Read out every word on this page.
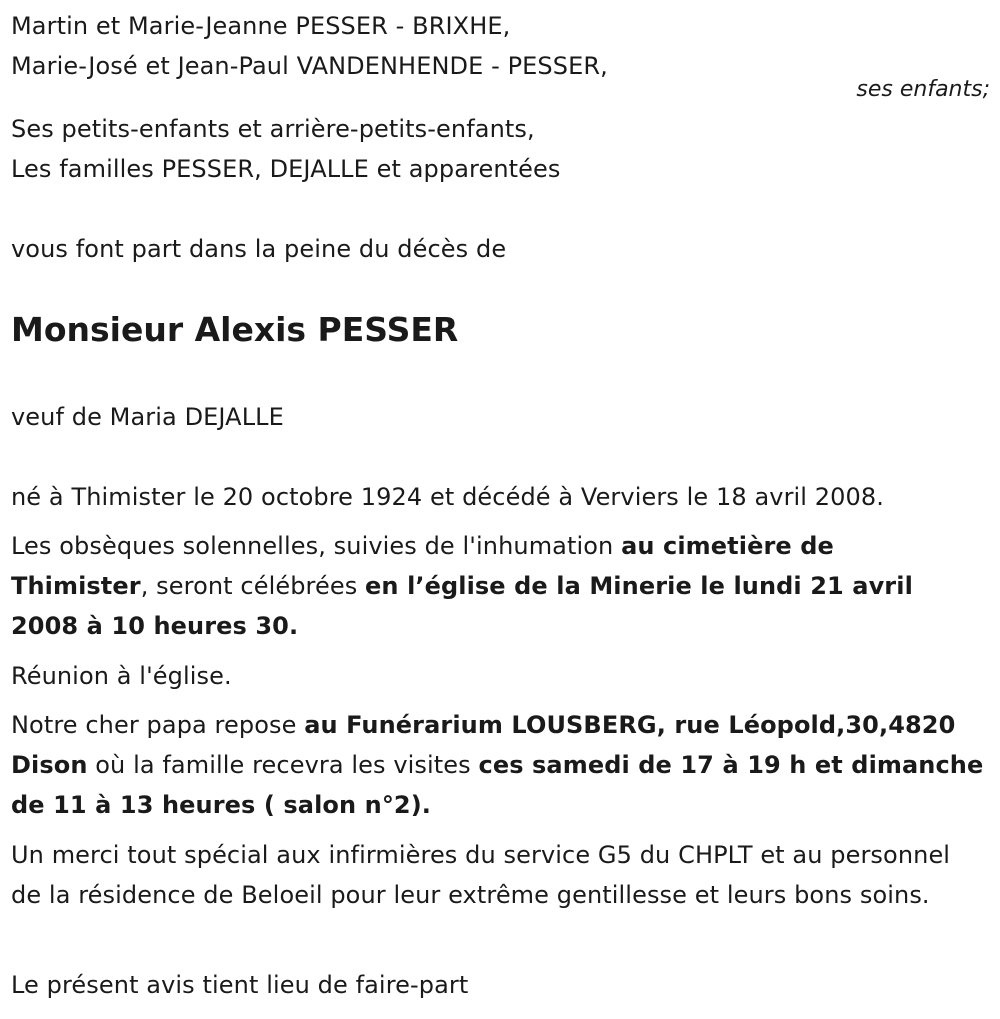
Martin et Marie-Jeanne PESSER - BRIXHE,
Marie-José et Jean-Paul VANDENHENDE - PESSER,
ses enfants;
Ses petits-enfants et arrière-petits-enfants,
Les familles PESSER, DEJALLE et apparentées
vous font part dans la peine du décès de
Monsieur Alexis PESSER
veuf de Maria DEJALLE
né à Thimister le 20 octobre 1924 et décédé à Verviers le 18 avril 2008.
Les obsèques solennelles, suivies de l'inhumation au cimetière de Thimister, seront célébrées en l’église de la Minerie le lundi 21 avril 2008 à 10 heures 30.
Réunion à l'église.
Notre cher papa repose au Funérarium LOUSBERG, rue Léopold,30,4820 Dison où la famille recevra les visites ces samedi de 17 à 19 h et dimanche de 11 à 13 heures ( salon n°2).
Un merci tout spécial aux infirmières du service G5 du CHPLT et au personnel de la résidence de Beloeil pour leur extrême gentillesse et leurs bons soins.
Le présent avis tient lieu de faire-part
